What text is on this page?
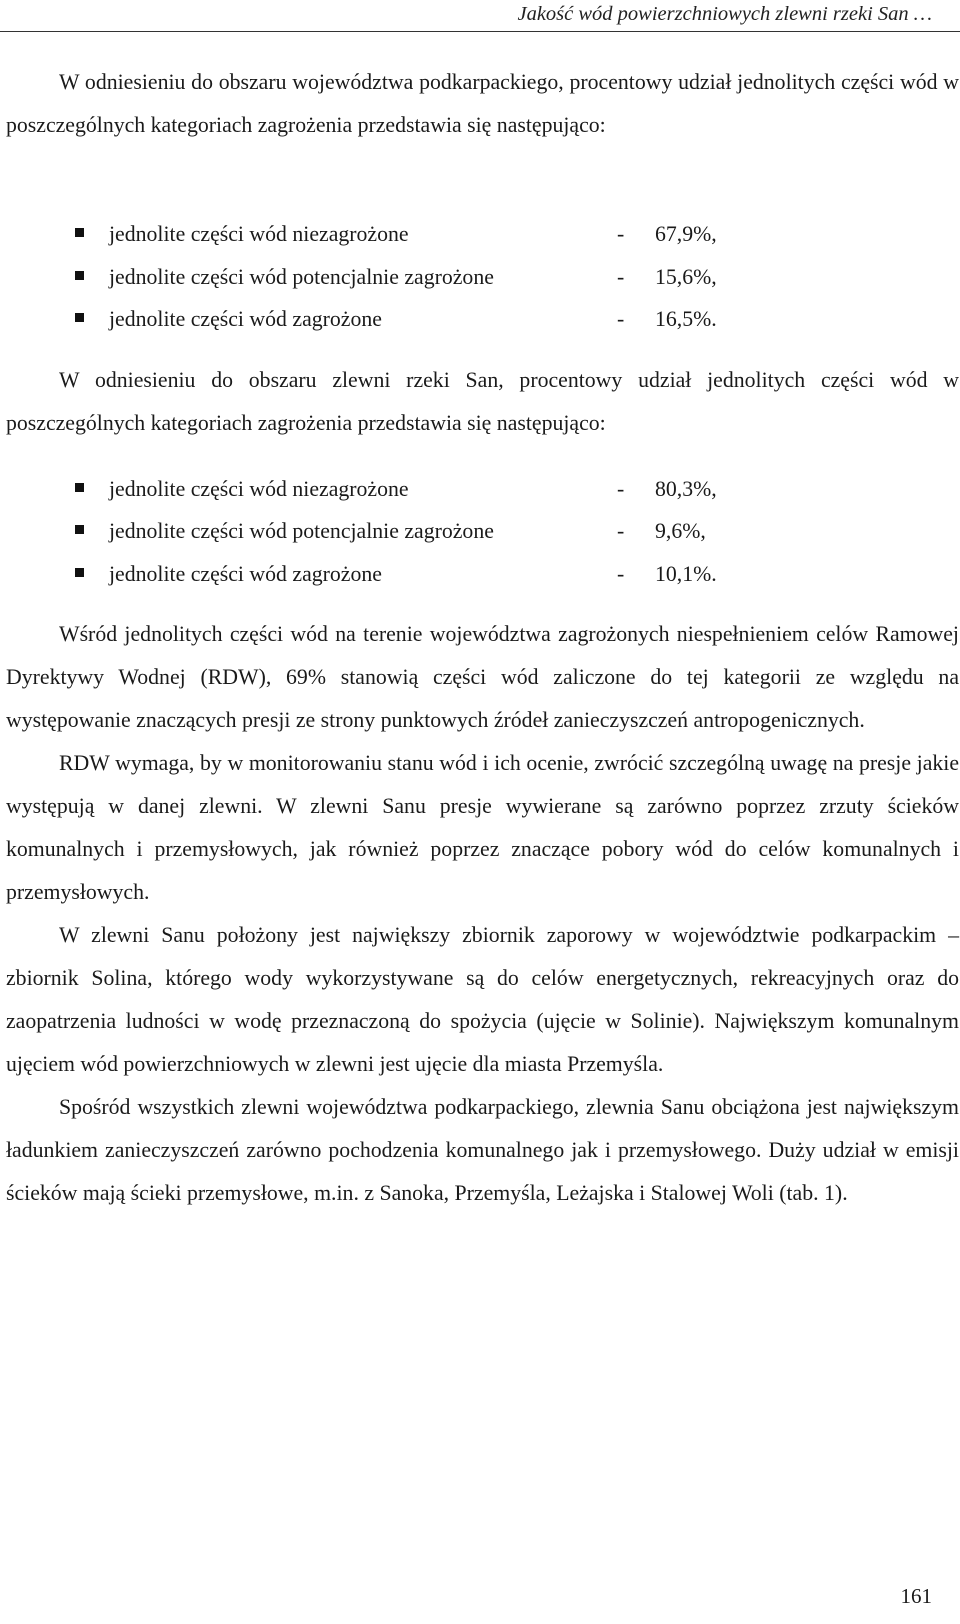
Jakość wód powierzchniowych zlewni rzeki San …

W odniesieniu do obszaru województwa podkarpackiego, procentowy udział jednolitych części wód w poszczególnych kategoriach zagrożenia przedstawia się następująco:

jednolite części wód niezagrożone	- 67,9%,
jednolite części wód potencjalnie zagrożone	- 15,6%,
jednolite części wód zagrożone	- 16,5%.

W odniesieniu do obszaru zlewni rzeki San, procentowy udział jednolitych części wód w poszczególnych kategoriach zagrożenia przedstawia się następująco:

jednolite części wód niezagrożone	- 80,3%,
jednolite części wód potencjalnie zagrożone	- 9,6%,
jednolite części wód zagrożone	- 10,1%.

Wśród jednolitych części wód na terenie województwa zagrożonych niespełnieniem celów Ramowej Dyrektywy Wodnej (RDW), 69% stanowią części wód zaliczone do tej kategorii ze względu na występowanie znaczących presji ze strony punktowych źródeł zanieczyszczeń antropogenicznych.

RDW wymaga, by w monitorowaniu stanu wód i ich ocenie, zwrócić szczególną uwagę na presje jakie występują w danej zlewni. W zlewni Sanu presje wywierane są zarówno poprzez zrzuty ścieków komunalnych i przemysłowych, jak również poprzez znaczące pobory wód do celów komunalnych i przemysłowych.

W zlewni Sanu położony jest największy zbiornik zaporowy w województwie podkarpackim – zbiornik Solina, którego wody wykorzystywane są do celów energetycznych, rekreacyjnych oraz do zaopatrzenia ludności w wodę przeznaczoną do spożycia (ujęcie w Solinie). Największym komunalnym ujęciem wód powierzchniowych w zlewni jest ujęcie dla miasta Przemyśla.

Spośród wszystkich zlewni województwa podkarpackiego, zlewnia Sanu obciążona jest największym ładunkiem zanieczyszczeń zarówno pochodzenia komunalnego jak i przemysłowego. Duży udział w emisji ścieków mają ścieki przemysłowe, m.in. z Sanoka, Przemyśla, Leżajska i Stalowej Woli (tab. 1).

161
